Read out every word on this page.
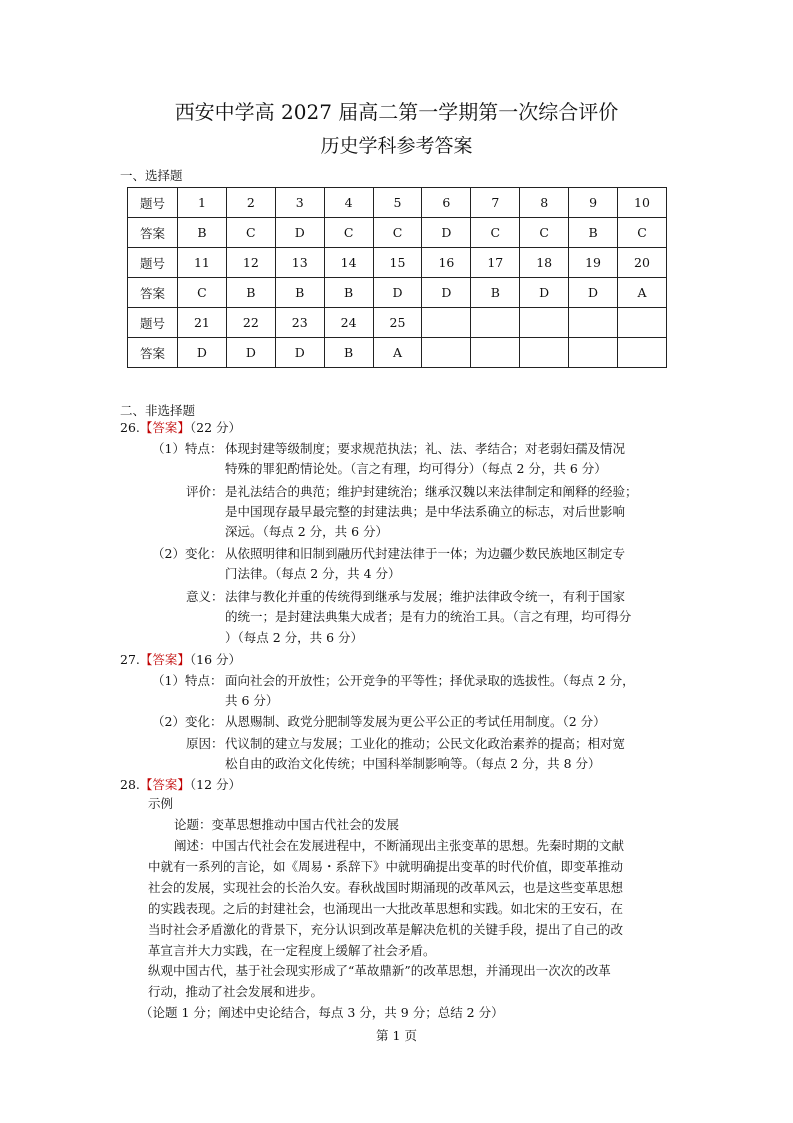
西安中学高 2027 届高二第一学期第一次综合评价
历史学科参考答案
一、选择题
题号	1	2	3	4	5	6	7	8	9	10
答案	B	C	D	C	C	D	C	C	B	C
题号	11	12	13	14	15	16	17	18	19	20
答案	C	B	B	B	D	D	B	D	D	A
题号	21	22	23	24	25					
答案	D	D	D	B	A					
二、非选择题
26.【答案】（22 分）
（1）特点： 体现封建等级制度；要求规范执法；礼、法、孝结合；对老弱妇孺及情况
特殊的罪犯酌情论处。（言之有理，均可得分）（每点 2 分，共 6 分）
评价： 是礼法结合的典范；维护封建统治；继承汉魏以来法律制定和阐释的经验；
是中国现存最早最完整的封建法典；是中华法系确立的标志，对后世影响
深远。（每点 2 分，共 6 分）
（2）变化： 从依照明律和旧制到融历代封建法律于一体；为边疆少数民族地区制定专
门法律。（每点 2 分，共 4 分）
意义： 法律与教化并重的传统得到继承与发展；维护法律政令统一，有利于国家
的统一；是封建法典集大成者；是有力的统治工具。（言之有理，均可得分
）（每点 2 分，共 6 分）
27.【答案】（16 分）
（1）特点： 面向社会的开放性；公开竞争的平等性；择优录取的选拔性。（每点 2 分，
共 6 分）
（2）变化： 从恩赐制、政党分肥制等发展为更公平公正的考试任用制度。（2 分）
原因： 代议制的建立与发展；工业化的推动；公民文化政治素养的提高；相对宽
松自由的政治文化传统；中国科举制影响等。（每点 2 分，共 8 分）
28.【答案】（12 分）
示例
论题：变革思想推动中国古代社会的发展
阐述：中国古代社会在发展进程中，不断涌现出主张变革的思想。先秦时期的文献
中就有一系列的言论，如《周易・系辞下》中就明确提出变革的时代价值，即变革推动
社会的发展，实现社会的长治久安。春秋战国时期涌现的改革风云，也是这些变革思想
的实践表现。之后的封建社会，也涌现出一大批改革思想和实践。如北宋的王安石，在
当时社会矛盾激化的背景下，充分认识到改革是解决危机的关键手段，提出了自己的改
革宣言并大力实践，在一定程度上缓解了社会矛盾。
纵观中国古代，基于社会现实形成了“革故鼎新”的改革思想，并涌现出一次次的改革
行动，推动了社会发展和进步。
（论题 1 分；阐述中史论结合，每点 3 分，共 9 分；总结 2 分）
第 1 页
